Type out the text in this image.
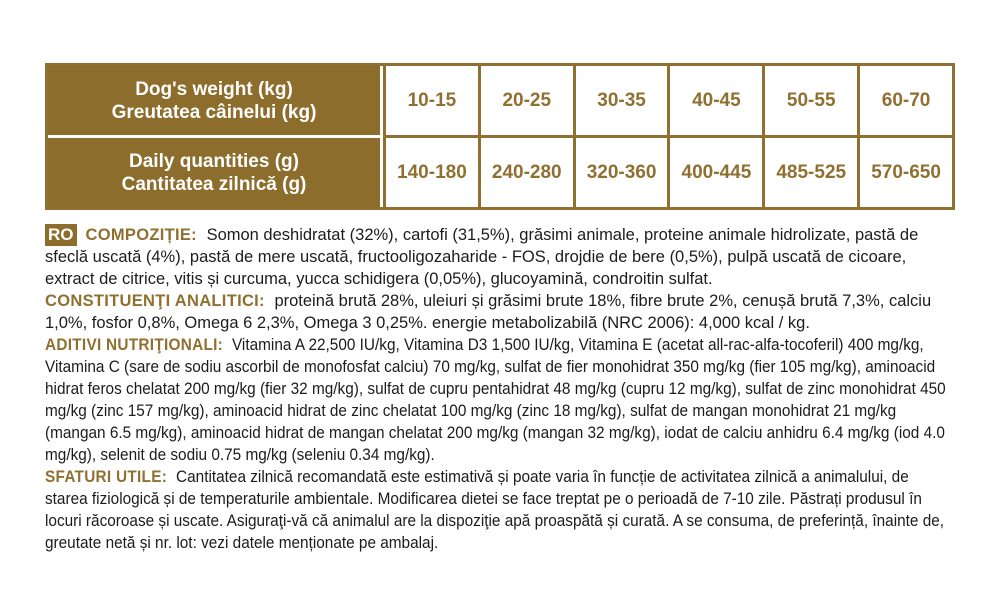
Dog's weight (kg)
Greutatea câinelui (kg)	10-15	20-25	30-35	40-45	50-55	60-70

Daily quantities (g)
Cantitatea zilnică (g)	140-180	240-280	320-360	400-445	485-525	570-650

RO COMPOZIȚIE: Somon deshidratat (32%), cartofi (31,5%), grăsimi animale, proteine animale hidrolizate, pastă de sfeclă uscată (4%), pastă de mere uscată, fructooligozaharide - FOS, drojdie de bere (0,5%), pulpă uscată de cicoare, extract de citrice, vitis și curcuma, yucca schidigera (0,05%), glucoyamină, condroitin sulfat.

CONSTITUENŢI ANALITICI: proteină brută 28%, uleiuri și grăsimi brute 18%, fibre brute 2%, cenușă brută 7,3%, calciu 1,0%, fosfor 0,8%, Omega 6 2,3%, Omega 3 0,25%. energie metabolizabilă (NRC 2006): 4,000 kcal / kg.

ADITIVI NUTRIŢIONALI: Vitamina A 22,500 IU/kg, Vitamina D3 1,500 IU/kg, Vitamina E (acetat all-rac-alfa-tocoferil) 400 mg/kg, Vitamina C (sare de sodiu ascorbil de monofosfat calciu) 70 mg/kg, sulfat de fier monohidrat 350 mg/kg (fier 105 mg/kg), aminoacid hidrat feros chelatat 200 mg/kg (fier 32 mg/kg), sulfat de cupru pentahidrat 48 mg/kg (cupru 12 mg/kg), sulfat de zinc monohidrat 450 mg/kg (zinc 157 mg/kg), aminoacid hidrat de zinc chelatat 100 mg/kg (zinc 18 mg/kg), sulfat de mangan monohidrat 21 mg/kg (mangan 6.5 mg/kg), aminoacid hidrat de mangan chelatat 200 mg/kg (mangan 32 mg/kg), iodat de calciu anhidru 6.4 mg/kg (iod 4.0 mg/kg), selenit de sodiu 0.75 mg/kg (seleniu 0.34 mg/kg).

SFATURI UTILE: Cantitatea zilnică recomandată este estimativă și poate varia în funcție de activitatea zilnică a animalului, de starea fiziologică și de temperaturile ambientale. Modificarea dietei se face treptat pe o perioadă de 7-10 zile. Păstrați produsul în locuri răcoroase și uscate. Asiguraţi-vă că animalul are la dispoziţie apă proaspătă și curată. A se consuma, de preferință, înainte de, greutate netă și nr. lot: vezi datele menționate pe ambalaj.
